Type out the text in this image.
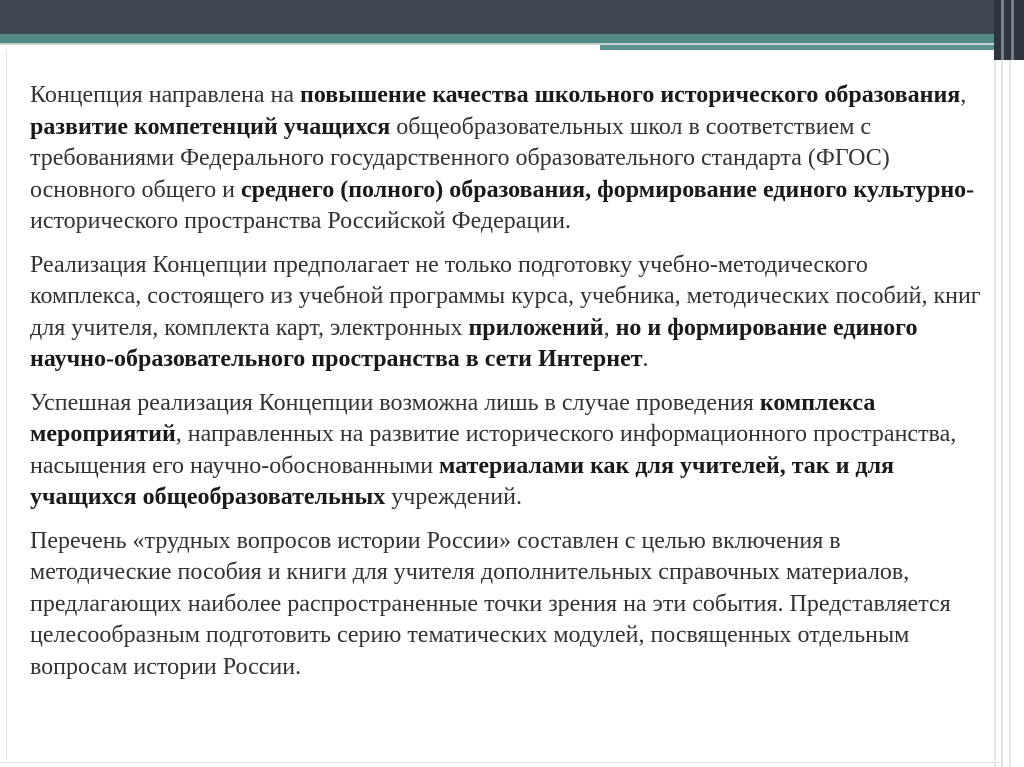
Концепция направлена на повышение качества школьного исторического образования, развитие компетенций учащихся общеобразовательных школ в соответствием с требованиями Федерального государственного образовательного стандарта (ФГОС) основного общего и среднего (полного) образования, формирование единого культурно- исторического пространства Российской Федерации.

Реализация Концепции предполагает не только подготовку учебно-методического комплекса, состоящего из учебной программы курса, учебника, методических пособий, книг для учителя, комплекта карт, электронных приложений, но и формирование единого научно-образовательного пространства в сети Интернет.

Успешная реализация Концепции возможна лишь в случае проведения комплекса мероприятий, направленных на развитие исторического информационного пространства, насыщения его научно-обоснованными материалами как для учителей, так и для учащихся общеобразовательных учреждений.

Перечень «трудных вопросов истории России» составлен с целью включения в методические пособия и книги для учителя дополнительных справочных материалов, предлагающих наиболее распространенные точки зрения на эти события. Представляется целесообразным подготовить серию тематических модулей, посвященных отдельным вопросам истории России.
